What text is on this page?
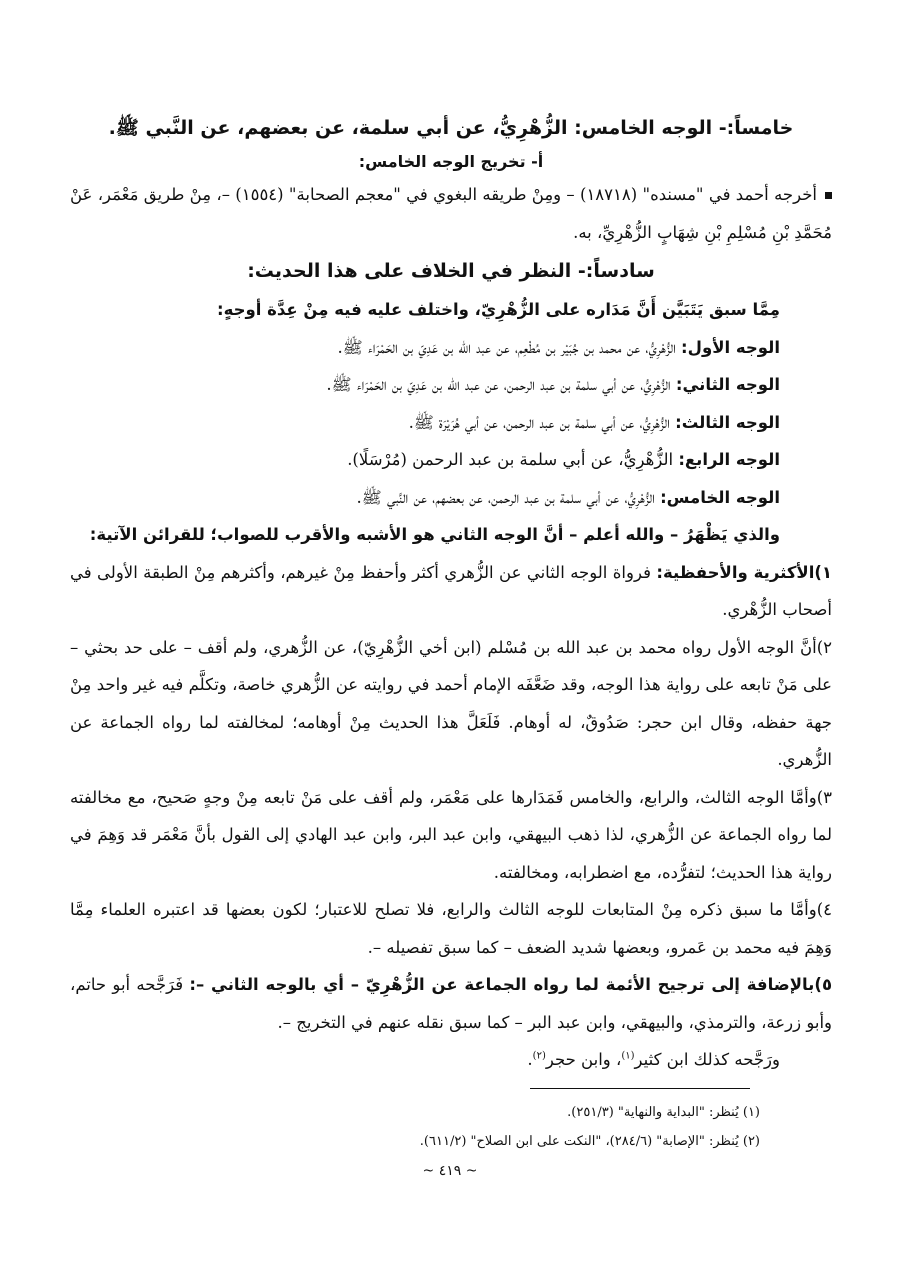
خامساً:- الوجه الخامس: الزُّهْرِيُّ، عن أبي سلمة، عن بعضهم، عن النَّبي ﷺ.

أ- تخريج الوجه الخامس:

أخرجه أحمد في "مسنده" (١٨٧١٨) – ومِنْ طريقه البغوي في "معجم الصحابة" (١٥٥٤) –، مِنْ طريق مَعْمَر، عَنْ مُحَمَّدِ بْنِ مُسْلِمِ بْنِ شِهَابٍ الزُّهْرِيِّ، به.

سادساً:- النظر في الخلاف على هذا الحديث:

مِمَّا سبق يَتَبَيَّن أَنَّ مَدَاره على الزُّهْرِيّ، واختلف عليه فيه مِنْ عِدَّة أوجهٍ:

الوجه الأول: الزُّهْرِيُّ، عن محمد بن جُبَيْر بن مُطْعِم، عن عبد الله بن عَدِيّ بن الحَمْرَاء ﷺ.

الوجه الثاني: الزُّهْرِيُّ، عن أبي سلمة بن عبد الرحمن، عن عبد الله بن عَدِيّ بن الحَمْرَاء ﷺ.

الوجه الثالث: الزُّهْرِيُّ، عن أبي سلمة بن عبد الرحمن، عن أبي هُرَيْرَة ﷺ.

الوجه الرابع: الزُّهْرِيُّ، عن أبي سلمة بن عبد الرحمن (مُرْسَلًا).

الوجه الخامس: الزُّهْرِيُّ، عن أبي سلمة بن عبد الرحمن، عن بعضهم، عن النَّبي ﷺ.

والذي يَظْهَرُ – والله أعلم – أنَّ الوجه الثاني هو الأشبه والأقرب للصواب؛ للقرائن الآتية:

١)الأكثرية والأحفظية: فرواة الوجه الثاني عن الزُّهري أكثر وأحفظ مِنْ غيرهم، وأكثرهم مِنْ الطبقة الأولى في أصحاب الزُّهْري.

٢)أنَّ الوجه الأول رواه محمد بن عبد الله بن مُسْلم (ابن أخي الزُّهْرِيّ)، عن الزُّهري، ولم أقف – على حد بحثي – على مَنْ تابعه على رواية هذا الوجه، وقد ضَعَّفَه الإمام أحمد في روايته عن الزُّهري خاصة، وتكلَّم فيه غير واحد مِنْ جهة حفظه، وقال ابن حجر: صَدُوقٌ، له أوهام. فَلَعَلَّ هذا الحديث مِنْ أوهامه؛ لمخالفته لما رواه الجماعة عن الزُّهري.

٣)وأمَّا الوجه الثالث، والرابع، والخامس فَمَدَارها على مَعْمَر، ولم أقف على مَنْ تابعه مِنْ وجهٍ صَحيح، مع مخالفته لما رواه الجماعة عن الزُّهري، لذا ذهب البيهقي، وابن عبد البر، وابن عبد الهادي إلى القول بأنَّ مَعْمَر قد وَهِمَ في رواية هذا الحديث؛ لتفرُّده، مع اضطرابه، ومخالفته.

٤)وأمَّا ما سبق ذكره مِنْ المتابعات للوجه الثالث والرابع، فلا تصلح للاعتبار؛ لكون بعضها قد اعتبره العلماء مِمَّا وَهِمَ فيه محمد بن عَمرو، وبعضها شديد الضعف – كما سبق تفصيله –.

٥)بالإضافة إلى ترجيح الأئمة لما رواه الجماعة عن الزُّهْرِيّ – أي بالوجه الثاني –: فَرَجَّحه أبو حاتم، وأبو زرعة، والترمذي، والبيهقي، وابن عبد البر – كما سبق نقله عنهم في التخريج –.

ورَجَّحه كذلك ابن كثير$^{(١)}$، وابن حجر$^{(٢)}$.

(١) يُنظر: "البداية والنهاية" (٢٥١/٣).
(٢) يُنظر: "الإصابة" (٢٨٤/٦)، "النكت على ابن الصلاح" (٦١١/٢).
~ ٤١٩ ~
